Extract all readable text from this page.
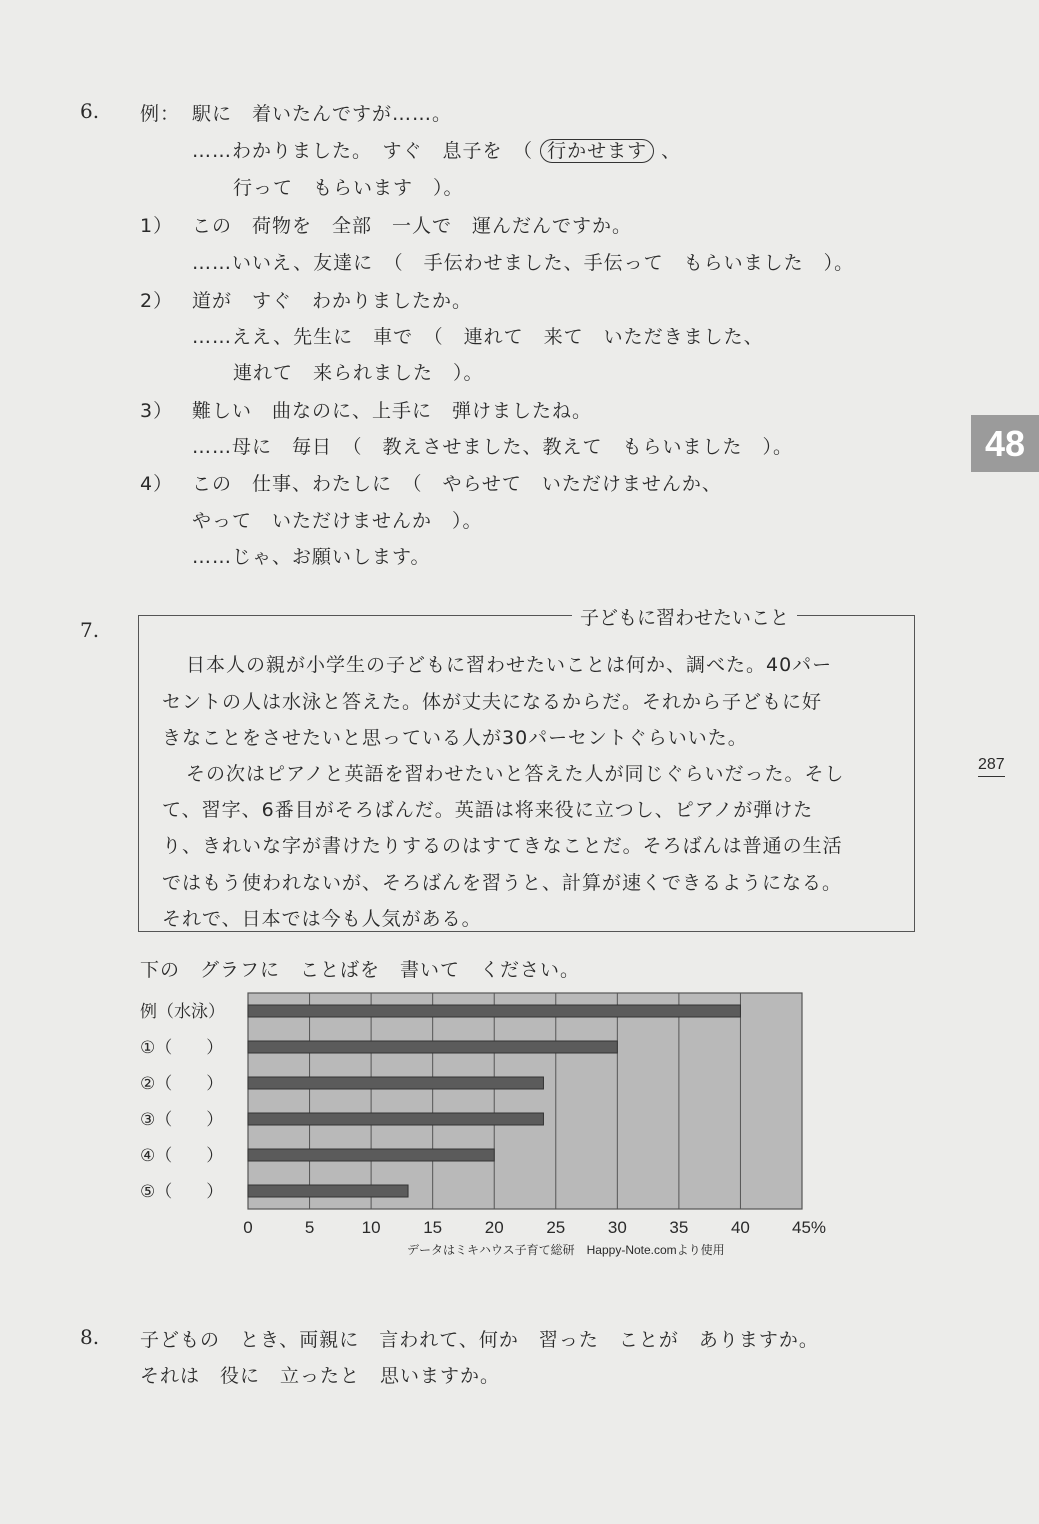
48
287
6. 例： 駅に　着いたんですが……。
……わかりました。　すぐ　息子を　（ 行かせます 、
行って　もらいます　）。
1） この　荷物を　全部　一人で　運んだんですか。
……いいえ、友達に　（　手伝わせました、手伝って　もらいました　）。
2） 道が　すぐ　わかりましたか。
……ええ、先生に　車で　（　連れて　来て　いただきました、
連れて　来られました　）。
3） 難しい　曲なのに、上手に　弾けましたね。
……母に　毎日　（　教えさせました、教えて　もらいました　）。
4） この　仕事、わたしに　（　やらせて　いただけませんか、
やって　いただけませんか　）。
……じゃ、お願いします。
7.	子どもに習わせたいこと
日本人の親が小学生の子どもに習わせたいことは何か、調べた。40パー
セントの人は水泳と答えた。体が丈夫になるからだ。それから子どもに好
きなことをさせたいと思っている人が30パーセントぐらいいた。
その次はピアノと英語を習わせたいと答えた人が同じぐらいだった。そし
て、習字、6番目がそろばんだ。英語は将来役に立つし、ピアノが弾けた
り、きれいな字が書けたりするのはすてきなことだ。そろばんは普通の生活
ではもう使われないが、そろばんを習うと、計算が速くできるようになる。
それで、日本では今も人気がある。
下の　グラフに　ことばを　書いて　ください。
例（水泳）
①（　　）
②（　　）
③（　　）
④（　　）
⑤（　　）
0	5	10	15	20	25	30	35	40 45%
データはミキハウス子育て総研　Happy-Note.comより使用
8. 子どもの　とき、両親に　言われて、何か　習った　ことが　ありますか。
それは　役に　立ったと　思いますか。
